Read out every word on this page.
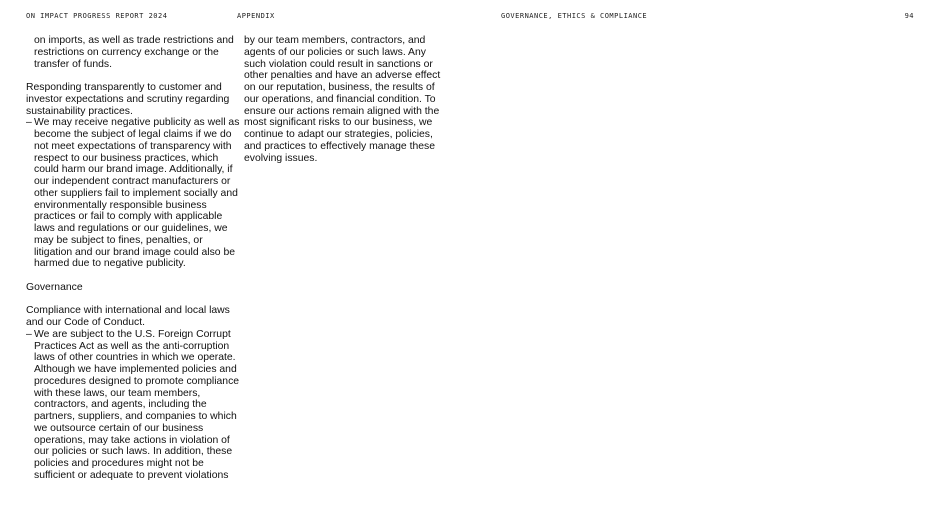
ON IMPACT PROGRESS REPORT 2024	APPENDIX	GOVERNANCE, ETHICS & COMPLIANCE	94

on imports, as well as trade restrictions and restrictions on currency exchange or the transfer of funds.

Responding transparently to customer and investor expectations and scrutiny regarding sustainability practices.

– We may receive negative publicity as well as become the subject of legal claims if we do not meet expectations of transparency with respect to our business practices, which could harm our brand image. Additionally, if our independent contract manufacturers or other suppliers fail to implement socially and environmentally responsible business practices or fail to comply with applicable laws and regulations or our guidelines, we may be subject to fines, penalties, or litigation and our brand image could also be harmed due to negative publicity.
Governance

Compliance with international and local laws and our Code of Conduct.

– We are subject to the U.S. Foreign Corrupt Practices Act as well as the anti-corruption laws of other countries in which we operate. Although we have implemented policies and procedures designed to promote compliance with these laws, our team members, contractors, and agents, including the partners, suppliers, and companies to which we outsource certain of our business operations, may take actions in violation of our policies or such laws. In addition, these policies and procedures might not be sufficient or adequate to prevent violations

by our team members, contractors, and agents of our policies or such laws. Any such violation could result in sanctions or other penalties and have an adverse effect on our reputation, business, the results of our operations, and financial condition. To ensure our actions remain aligned with the most significant risks to our business, we continue to adapt our strategies, policies, and practices to effectively manage these evolving issues.
